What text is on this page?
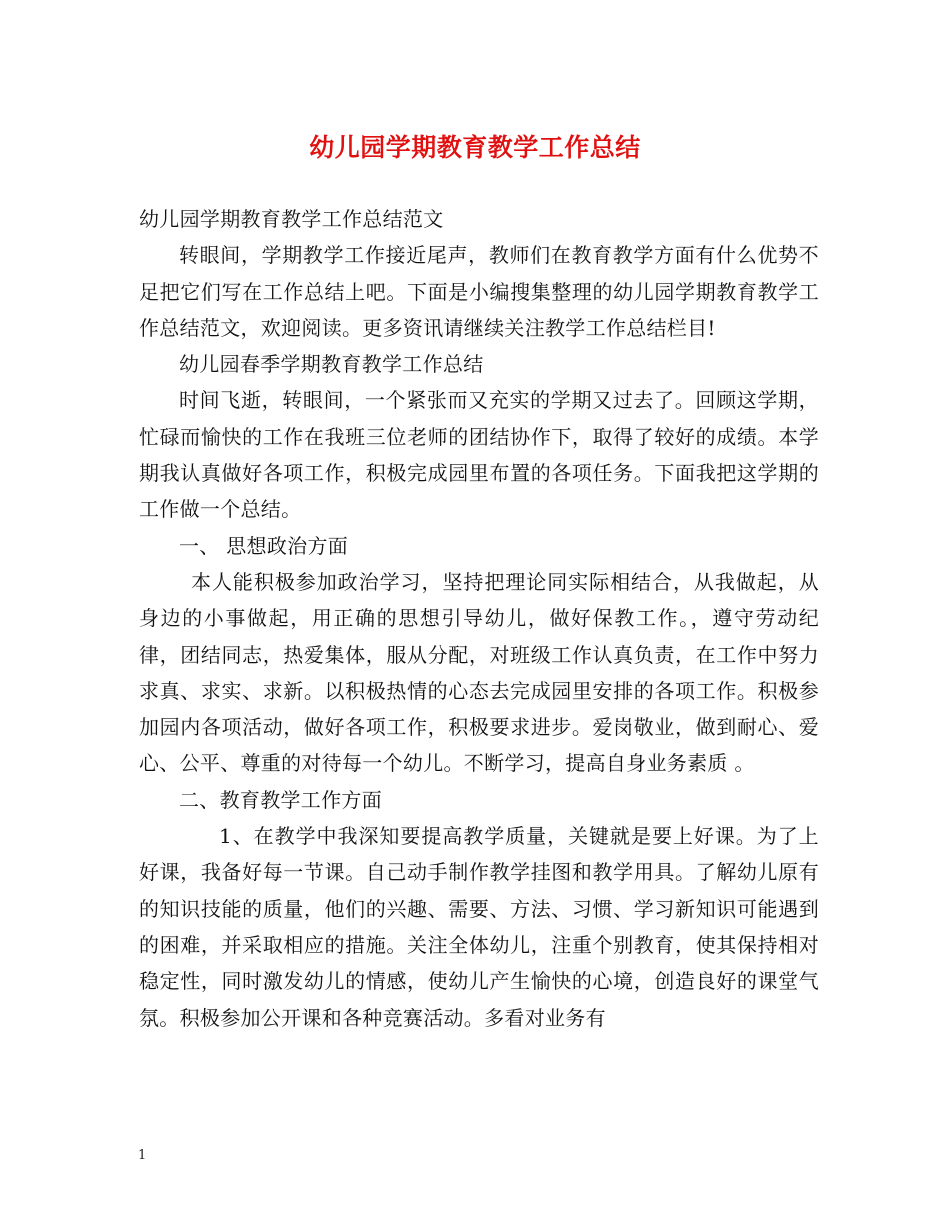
幼儿园学期教育教学工作总结

幼儿园学期教育教学工作总结范文

转眼间，学期教学工作接近尾声，教师们在教育教学方面有什么优势不足把它们写在工作总结上吧。下面是小编搜集整理的幼儿园学期教育教学工作总结范文，欢迎阅读。更多资讯请继续关注教学工作总结栏目!

幼儿园春季学期教育教学工作总结

时间飞逝，转眼间，一个紧张而又充实的学期又过去了。回顾这学期，忙碌而愉快的工作在我班三位老师的团结协作下，取得了较好的成绩。本学期我认真做好各项工作，积极完成园里布置的各项任务。下面我把这学期的工作做一个总结。

一、 思想政治方面

本人能积极参加政治学习，坚持把理论同实际相结合，从我做起，从身边的小事做起，用正确的思想引导幼儿，做好保教工作。，遵守劳动纪律，团结同志，热爱集体，服从分配，对班级工作认真负责，在工作中努力求真、求实、求新。以积极热情的心态去完成园里安排的各项工作。积极参加园内各项活动，做好各项工作，积极要求进步。爱岗敬业，做到耐心、爱心、公平、尊重的对待每一个幼儿。不断学习，提高自身业务素质 。

二、教育教学工作方面

1、在教学中我深知要提高教学质量，关键就是要上好课。为了上好课，我备好每一节课。自己动手制作教学挂图和教学用具。了解幼儿原有的知识技能的质量，他们的兴趣、需要、方法、习惯、学习新知识可能遇到的困难，并采取相应的措施。关注全体幼儿，注重个别教育，使其保持相对稳定性，同时激发幼儿的情感，使幼儿产生愉快的心境，创造良好的课堂气氛。积极参加公开课和各种竞赛活动。多看对业务有

1
